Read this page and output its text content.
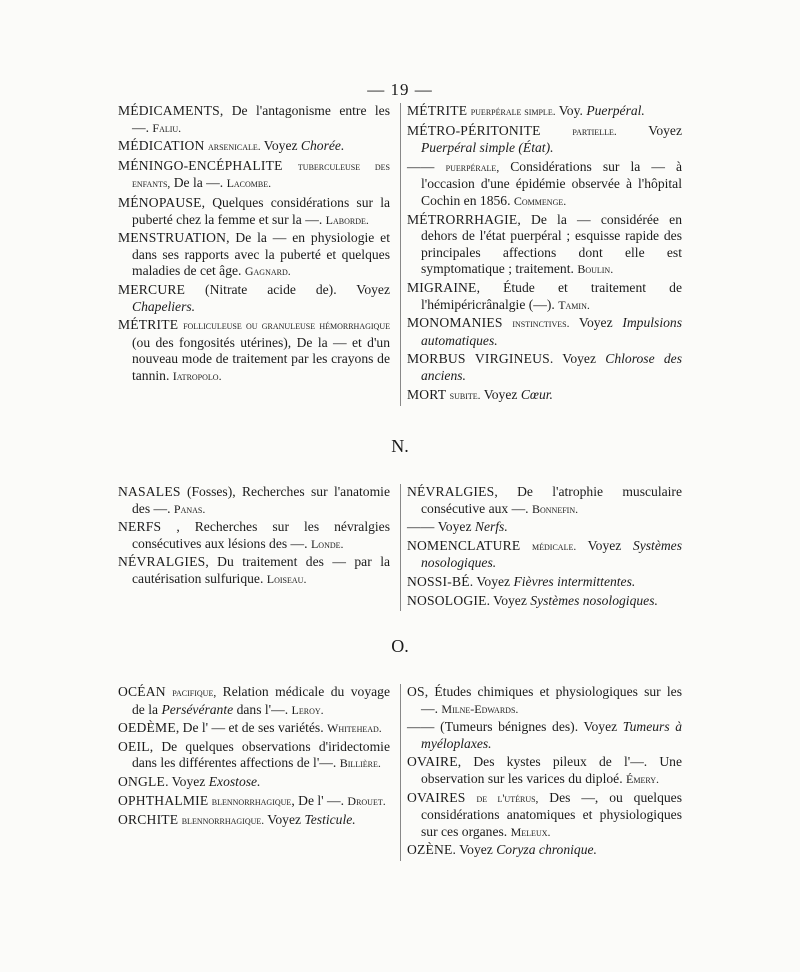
— 19 —

MÉDICAMENTS, De l'antagonisme entre les —. Faliu.

MÉDICATION arsenicale. Voyez Chorée.

MÉNINGO-ENCÉPHALITE tuberculeuse des enfants, De la —. Lacombe.

MÉNOPAUSE, Quelques considérations sur la puberté chez la femme et sur la —. Laborde.

MENSTRUATION, De la — en physiologie et dans ses rapports avec la puberté et quelques maladies de cet âge. Gagnard.

MERCURE (Nitrate acide de). Voyez Chapeliers.

MÉTRITE folliculeuse ou granuleuse hémorrhagique (ou des fongosités utérines), De la — et d'un nouveau mode de traitement par les crayons de tannin. Iatropolo.

MÉTRITE puerpérale simple. Voy. Puerpéral.

MÉTRO-PÉRITONITE	partielle. Voyez Puerpéral simple (État).

—— puerpérale, Considérations sur la — à l'occasion d'une épidémie observée à l'hôpital Cochin en 1856. Commenge.

MÉTRORRHAGIE, De la — considérée en dehors de l'état puerpéral ; esquisse rapide des principales affections dont elle est symptomatique ; traitement. Boulin.

MIGRAINE, Étude et traitement de l'hémipéricrânalgie (—). Tamin.

MONOMANIES instinctives. Voyez Impulsions automatiques.

MORBUS VIRGINEUS. Voyez Chlorose des anciens.

MORT subite. Voyez Cœur.

N.

NASALES (Fosses), Recherches sur l'anatomie des —. Panas.

NERFS , Recherches sur les névralgies consécutives aux lésions des —. Londe.

NÉVRALGIES, Du traitement des — par la cautérisation sulfurique. Loiseau.

NÉVRALGIES, De l'atrophie musculaire consécutive aux —. Bonnefin.

—— Voyez Nerfs.

NOMENCLATURE médicale. Voyez Systèmes nosologiques.

NOSSI-BÉ. Voyez Fièvres intermittentes.

NOSOLOGIE. Voyez Systèmes nosologiques.

O.

OCÉAN pacifique, Relation médicale du voyage de la Persévérante dans l'—. Leroy.

OEDÈME, De l' — et de ses variétés. Whitehead.

OEIL, De quelques observations d'iridectomie dans les différentes affections de l'—. Billière.

ONGLE. Voyez Exostose.

OPHTHALMIE blennorrhagique, De l' —. Drouet.

ORCHITE blennorrhagique. Voyez Testicule.

OS, Études chimiques et physiologiques sur les —. Milne-Edwards.

—— (Tumeurs bénignes des). Voyez Tumeurs à myéloplaxes.

OVAIRE, Des kystes pileux de l'—. Une observation sur les varices du diploé. Émery.

OVAIRES de l'utérus, Des —, ou quelques considérations anatomiques et physiologiques sur ces organes. Meleux.

OZÈNE. Voyez Coryza chronique.
